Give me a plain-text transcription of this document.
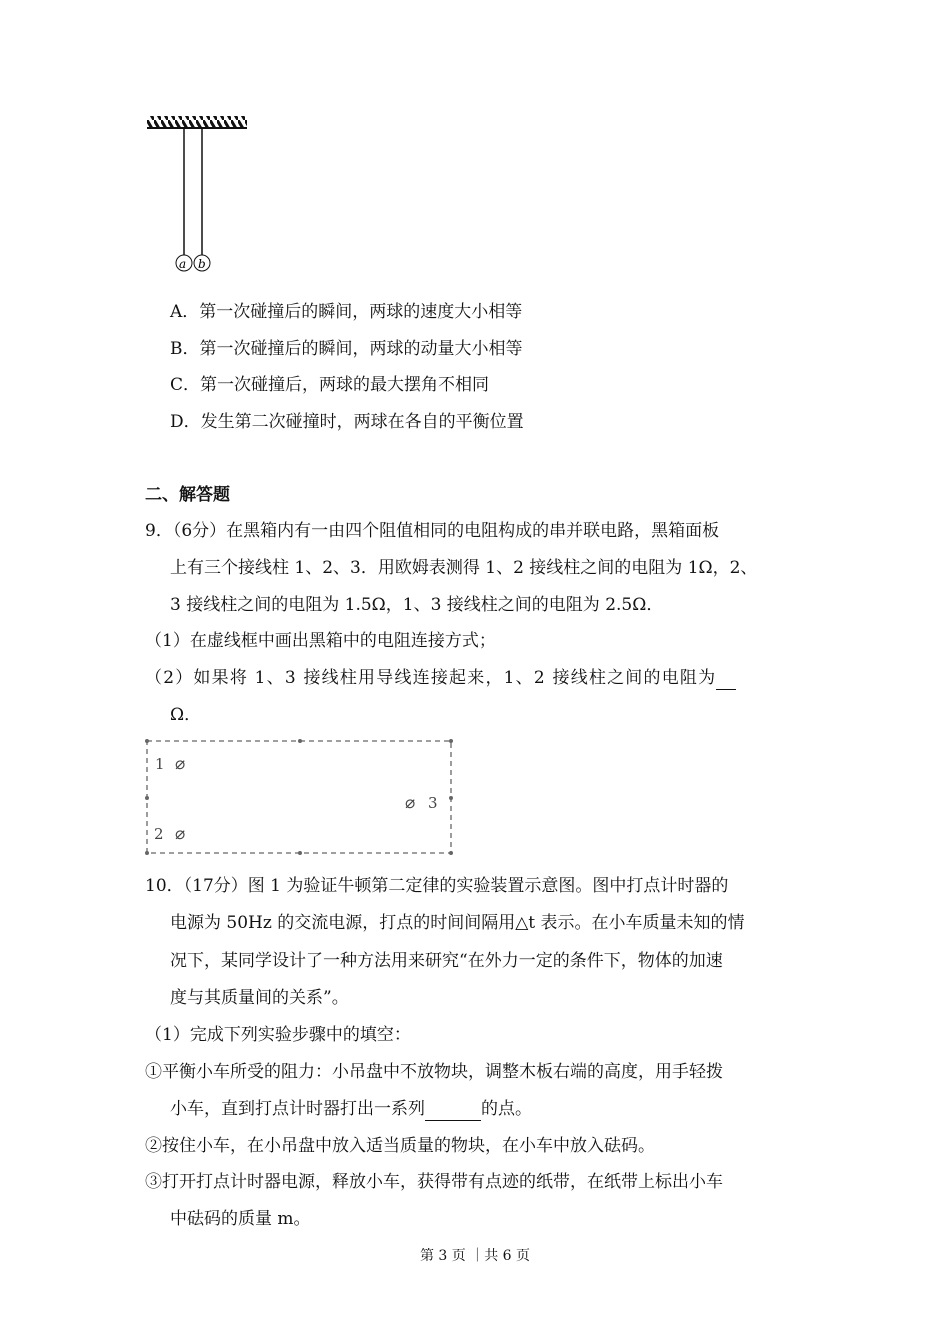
a b
A．第一次碰撞后的瞬间，两球的速度大小相等
B．第一次碰撞后的瞬间，两球的动量大小相等
C．第一次碰撞后，两球的最大摆角不相同
D．发生第二次碰撞时，两球在各自的平衡位置
二、解答题
9．（6分）在黑箱内有一由四个阻值相同的电阻构成的串并联电路，黑箱面板
上有三个接线柱 1、2、3．用欧姆表测得 1、2 接线柱之间的电阻为 1Ω，2、
3 接线柱之间的电阻为 1.5Ω，1、3 接线柱之间的电阻为 2.5Ω．
（1）在虚线框中画出黑箱中的电阻连接方式；
（2）如果将 1、3 接线柱用导线连接起来，1、2 接线柱之间的电阻为
Ω．
1 ⌀
⌀ 3
2 ⌀
10．（17分）图 1 为验证牛顿第二定律的实验装置示意图。图中打点计时器的
电源为 50Hz 的交流电源，打点的时间间隔用△t 表示。在小车质量未知的情
况下，某同学设计了一种方法用来研究“在外力一定的条件下，物体的加速
度与其质量间的关系”。
（1）完成下列实验步骤中的填空：
①平衡小车所受的阻力：小吊盘中不放物块，调整木板右端的高度，用手轻拨
小车，直到打点计时器打出一系列	的点。
②按住小车，在小吊盘中放入适当质量的物块，在小车中放入砝码。
③打开打点计时器电源，释放小车，获得带有点迹的纸带，在纸带上标出小车
中砝码的质量 m。
第 3 页 ｜共 6 页
